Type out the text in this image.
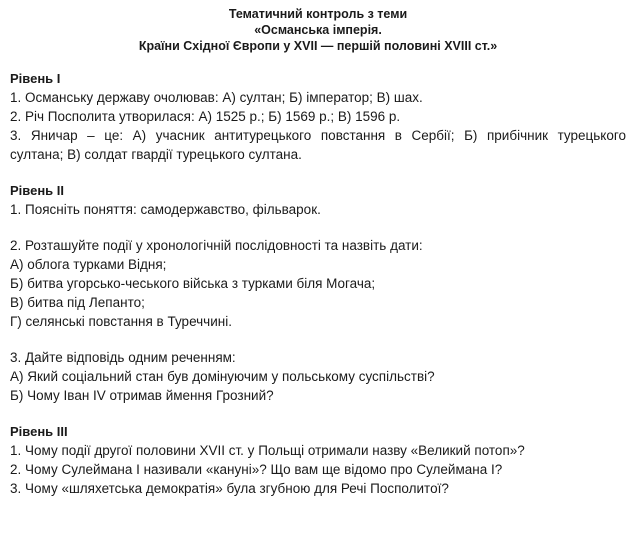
Тематичний контроль з теми
«Османська імперія.
Країни Східної Європи у XVII — першій половині XVIII ст.»

Рівень І

1. Османську державу очолював: А) султан; Б) імператор; В) шах.

2. Річ Посполита утворилася: А) 1525 р.; Б) 1569 р.; В) 1596 р.

3. Яничар – це: А) учасник антитурецького повстання в Сербії; Б) прибічник турецького

султана; В) солдат гвардії турецького султана.

Рівень ІІ

1. Поясніть поняття: самодержавство, фільварок.

2. Розташуйте події у хронологічній послідовності та назвіть дати:

А) облога турками Відня;

Б) битва угорсько-чеського війська з турками біля Могача;

В) битва під Лепанто;

Г) селянські повстання в Туреччині.

3. Дайте відповідь одним реченням:

А) Який соціальний стан був домінуючим у польському суспільстві?

Б) Чому Іван IV отримав ймення Грозний?

Рівень ІІІ

1. Чому події другої половини XVII ст. у Польщі отримали назву «Великий потоп»?

2. Чому Сулеймана І називали «кануні»? Що вам ще відомо про Сулеймана І?

3. Чому «шляхетська демократія» була згубною для Речі Посполитої?
